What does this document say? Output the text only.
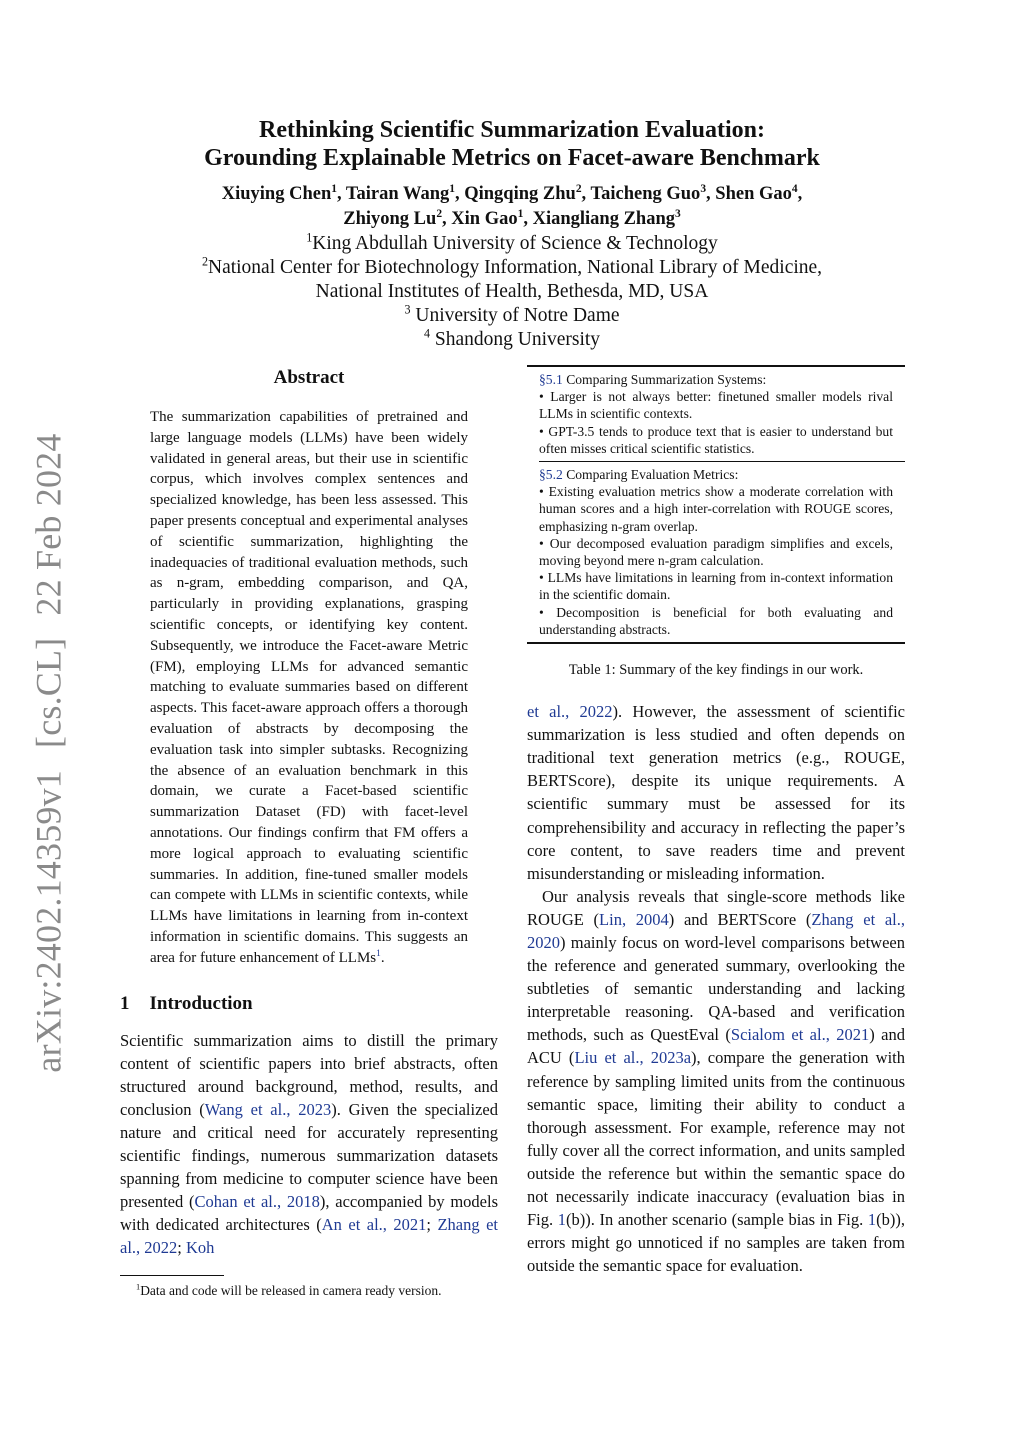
arXiv:2402.14359v1[cs.CL]22 Feb 2024
Rethinking Scientific Summarization Evaluation:
Grounding Explainable Metrics on Facet-aware Benchmark
Xiuying Chen$^1$, Tairan Wang$^1$, Qingqing Zhu$^2$, Taicheng Guo$^3$, Shen Gao$^4$,
Zhiyong Lu$^2$, Xin Gao$^1$, Xiangliang Zhang$^3$
$^1$King Abdullah University of Science & Technology
$^2$National Center for Biotechnology Information, National Library of Medicine,
National Institutes of Health, Bethesda, MD, USA
$^3$ University of Notre Dame
$^4$ Shandong University
Abstract
The summarization capabilities of pretrained and large language models (LLMs) have been widely validated in general areas, but their use in scientific corpus, which involves complex sentences and specialized knowledge, has been less assessed. This paper presents conceptual and experimental analyses of scientific summarization, highlighting the inadequacies of traditional evaluation methods, such as n-gram, embedding comparison, and QA, particularly in providing explanations, grasping scientific concepts, or identifying key content. Subsequently, we introduce the Facet-aware Metric (FM), employing LLMs for advanced semantic matching to evaluate summaries based on different aspects. This facet-aware approach offers a thorough evaluation of abstracts by decomposing the evaluation task into simpler subtasks. Recognizing the absence of an evaluation benchmark in this domain, we curate a Facet-based scientific summarization Dataset (FD) with facet-level annotations. Our findings confirm that FM offers a more logical approach to evaluating scientific summaries. In addition, fine-tuned smaller models can compete with LLMs in scientific contexts, while LLMs have limitations in learning from in-context information in scientific domains. This suggests an area for future enhancement of LLMs$^1$.
1 Introduction

Scientific summarization aims to distill the primary content of scientific papers into brief abstracts, often structured around background, method, results, and conclusion (Wang et al., 2023). Given the specialized nature and critical need for accurately representing scientific findings, numerous summarization datasets spanning from medicine to computer science have been presented (Cohan et al., 2018), accompanied by models with dedicated architectures (An et al., 2021; Zhang et al., 2022; Koh

$^1$Data and code will be released in camera ready version.
§5.1 Comparing Summarization Systems:
• Larger is not always better: finetuned smaller models rival LLMs in scientific contexts.
• GPT-3.5 tends to produce text that is easier to understand but often misses critical scientific statistics.
§5.2 Comparing Evaluation Metrics:
• Existing evaluation metrics show a moderate correlation with human scores and a high inter-correlation with ROUGE scores, emphasizing n-gram overlap.
• Our decomposed evaluation paradigm simplifies and excels, moving beyond mere n-gram calculation.
• LLMs have limitations in learning from in-context information in the scientific domain.
• Decomposition is beneficial for both evaluating and understanding abstracts.
Table 1: Summary of the key findings in our work.

et al., 2022). However, the assessment of scientific summarization is less studied and often depends on traditional text generation metrics (e.g., ROUGE, BERTScore), despite its unique requirements. A scientific summary must be assessed for its comprehensibility and accuracy in reflecting the paper’s core content, to save readers time and prevent misunderstanding or misleading information.

Our analysis reveals that single-score methods like ROUGE (Lin, 2004) and BERTScore (Zhang et al., 2020) mainly focus on word-level comparisons between the reference and generated summary, overlooking the subtleties of semantic understanding and lacking interpretable reasoning. QA-based and verification methods, such as QuestEval (Scialom et al., 2021) and ACU (Liu et al., 2023a), compare the generation with reference by sampling limited units from the continuous semantic space, limiting their ability to conduct a thorough assessment. For example, reference may not fully cover all the correct information, and units sampled outside the reference but within the semantic space do not necessarily indicate inaccuracy (evaluation bias in Fig. 1(b)). In another scenario (sample bias in Fig. 1(b)), errors might go unnoticed if no samples are taken from outside the semantic space for evaluation.
